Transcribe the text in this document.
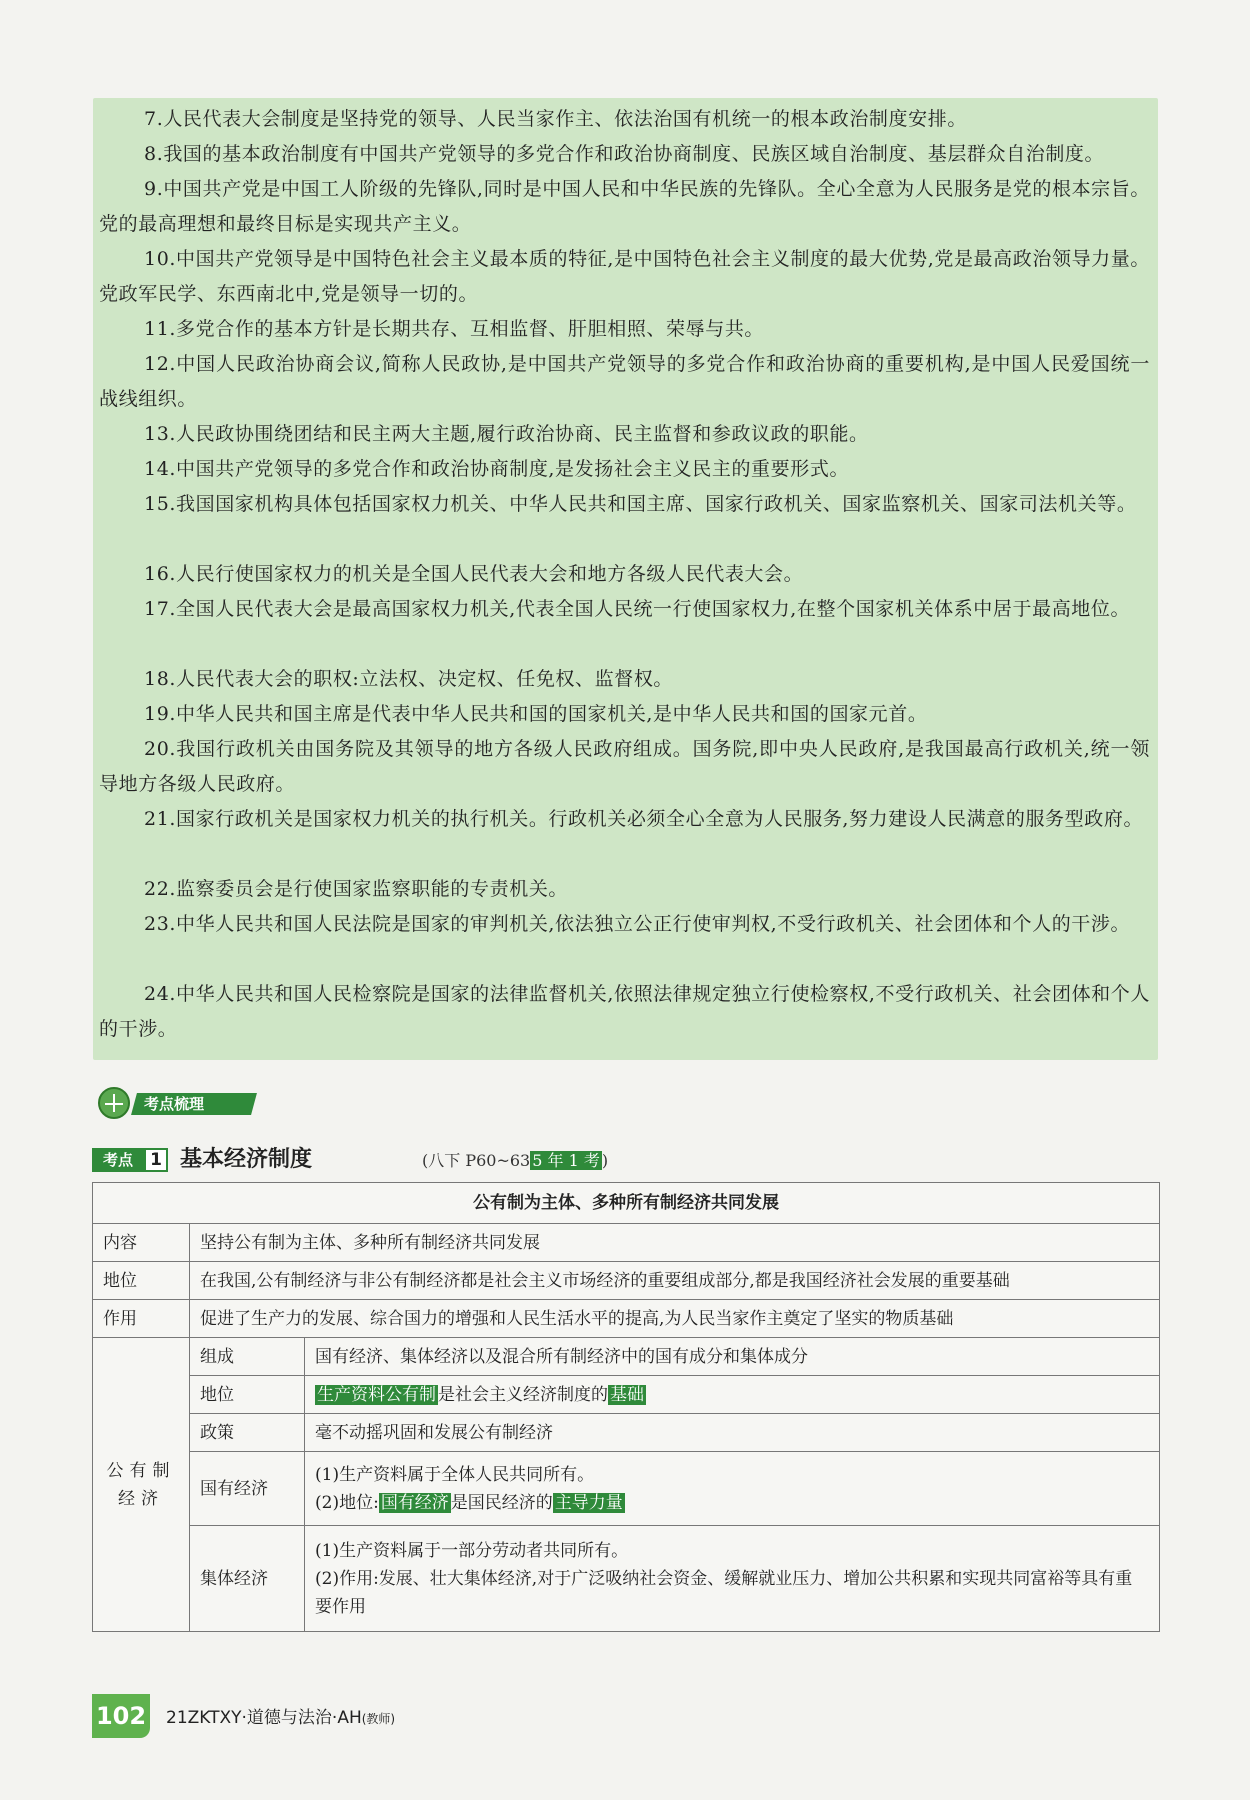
7.人民代表大会制度是坚持党的领导、人民当家作主、依法治国有机统一的根本政治制度安排。
8.我国的基本政治制度有中国共产党领导的多党合作和政治协商制度、民族区域自治制度、基层群众自治制度。
9.中国共产党是中国工人阶级的先锋队,同时是中国人民和中华民族的先锋队。全心全意为人民服务是党的根本宗旨。党的最高理想和最终目标是实现共产主义。
10.中国共产党领导是中国特色社会主义最本质的特征,是中国特色社会主义制度的最大优势,党是最高政治领导力量。党政军民学、东西南北中,党是领导一切的。
11.多党合作的基本方针是长期共存、互相监督、肝胆相照、荣辱与共。
12.中国人民政治协商会议,简称人民政协,是中国共产党领导的多党合作和政治协商的重要机构,是中国人民爱国统一战线组织。
13.人民政协围绕团结和民主两大主题,履行政治协商、民主监督和参政议政的职能。
14.中国共产党领导的多党合作和政治协商制度,是发扬社会主义民主的重要形式。
15.我国国家机构具体包括国家权力机关、中华人民共和国主席、国家行政机关、国家监察机关、国家司法机关等。
16.人民行使国家权力的机关是全国人民代表大会和地方各级人民代表大会。
17.全国人民代表大会是最高国家权力机关,代表全国人民统一行使国家权力,在整个国家机关体系中居于最高地位。
18.人民代表大会的职权:立法权、决定权、任免权、监督权。
19.中华人民共和国主席是代表中华人民共和国的国家机关,是中华人民共和国的国家元首。
20.我国行政机关由国务院及其领导的地方各级人民政府组成。国务院,即中央人民政府,是我国最高行政机关,统一领导地方各级人民政府。
21.国家行政机关是国家权力机关的执行机关。行政机关必须全心全意为人民服务,努力建设人民满意的服务型政府。
22.监察委员会是行使国家监察职能的专责机关。
23.中华人民共和国人民法院是国家的审判机关,依法独立公正行使审判权,不受行政机关、社会团体和个人的干涉。
24.中华人民共和国人民检察院是国家的法律监督机关,依照法律规定独立行使检察权,不受行政机关、社会团体和个人的干涉。
考点梳理
考点	1 基本经济制度	(八下 P60~63 5 年 1 考 )
公有制为主体、多种所有制经济共同发展		
内容	坚持公有制为主体、多种所有制经济共同发展	
地位	在我国,公有制经济与非公有制经济都是社会主义市场经济的重要组成部分,都是我国经济社会发展的重要基础	
作用	促进了生产力的发展、综合国力的增强和人民生活水平的提高,为人民当家作主奠定了坚实的物质基础	
公有制经济	组成	国有经济、集体经济以及混合所有制经济中的国有成分和集体成分
	地位	生产资料公有制 是社会主义经济制度的 基础
	政策	毫不动摇巩固和发展公有制经济
	国有经济	(1)生产资料属于全体人民共同所有。
(2)地位: 国有经济 是国民经济的 主导力量

	集体经济	(1)生产资料属于一部分劳动者共同所有。
(2)作用:发展、壮大集体经济,对于广泛吸纳社会资金、缓解就业压力、增加公共积累和实现共同富裕等具有重要作用
102 21ZKTXY·道德与法治·AH(教师)
